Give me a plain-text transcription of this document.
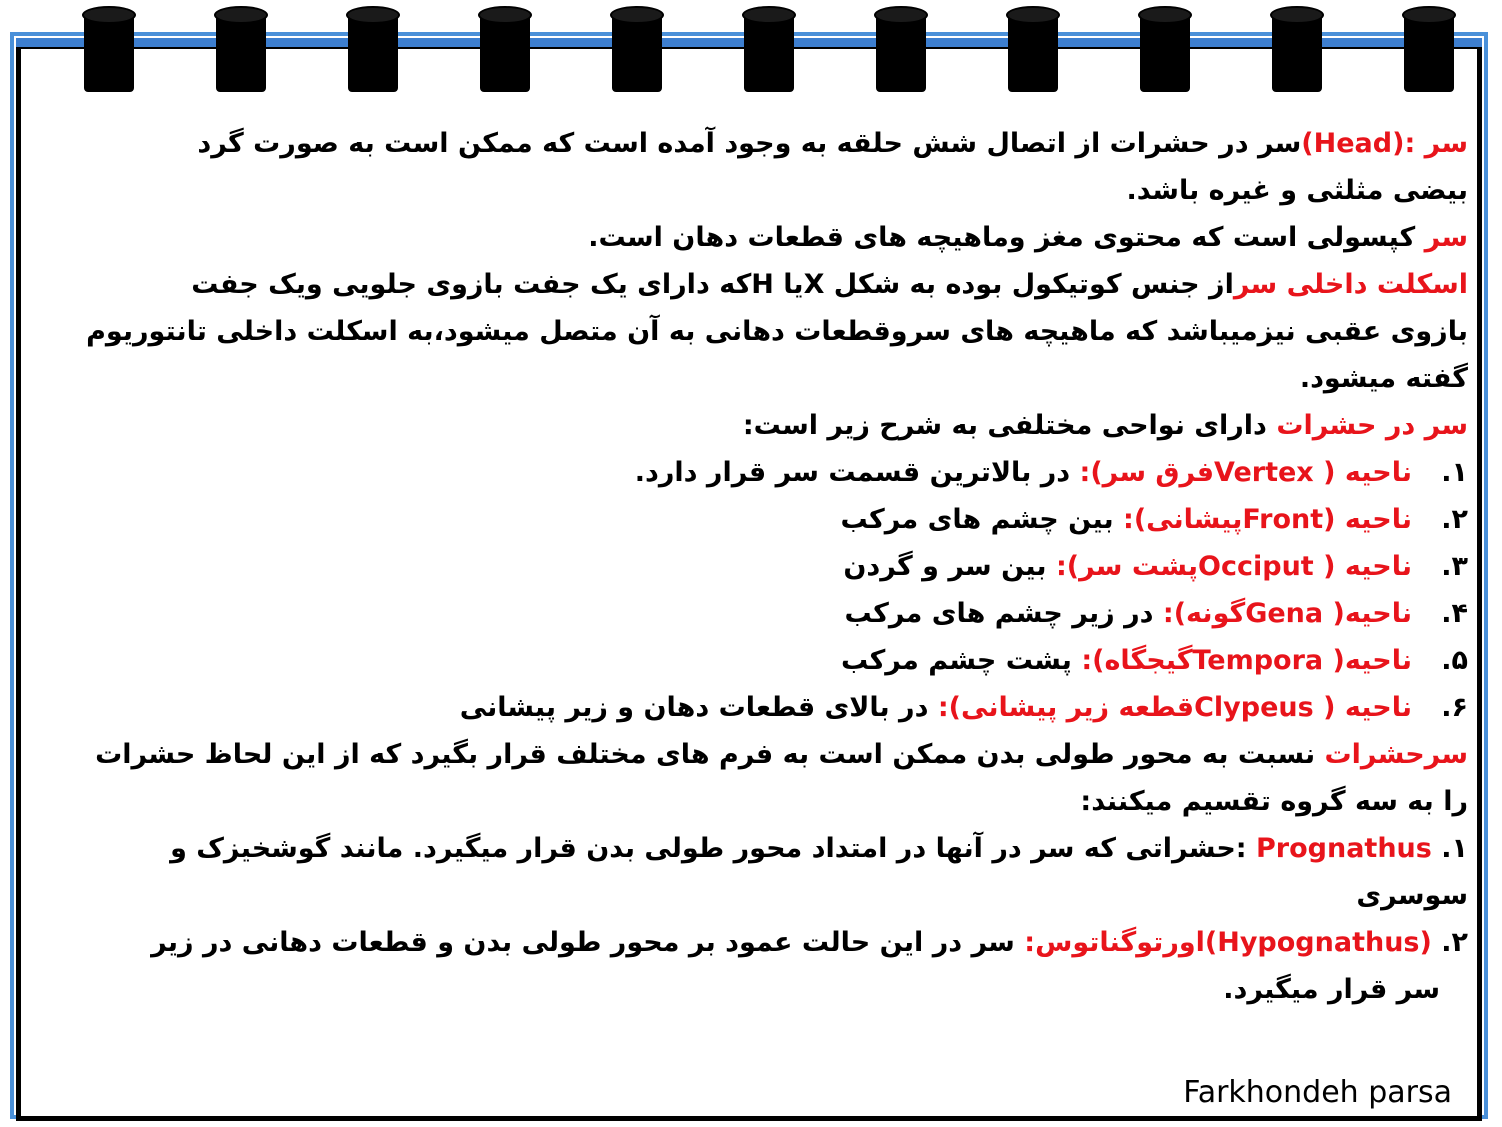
سر :(Head)سر در حشرات از اتصال شش حلقه به وجود آمده است که ممکن است به صورت گرد
بیضی مثلثی و غیره باشد.
سر کپسولی است که محتوی مغز وماهیچه های قطعات دهان است.
اسکلت داخلی سراز جنس کوتیکول بوده به شکل Xیا Hکه دارای یک جفت بازوی جلویی ویک جفت
بازوی عقبی نیزمیباشد که ماهیچه های سروقطعات دهانی به آن متصل میشود،به اسکلت داخلی تانتوریوم
گفته میشود.
سر در حشرات دارای نواحی مختلفی به شرح زیر است:
۱.ناحیه ( Vertexفرق سر): در بالاترین قسمت سر قرار دارد.
۲.ناحیه (Frontپیشانی): بین چشم های مرکب
۳.ناحیه ( Occiputپشت سر): بین سر و گردن
۴.ناحیه( Genaگونه): در زیر چشم های مرکب
۵.ناحیه( Temporaگیجگاه): پشت چشم مرکب
۶.ناحیه ( Clypeusقطعه زیر پیشانی): در بالای قطعات دهان و زیر پیشانی
سرحشرات نسبت به محور طولی بدن ممکن است به فرم های مختلف قرار بگیرد که از این لحاظ حشرات
را به سه گروه تقسیم میکنند:
۱. Prognathus :حشراتی که سر در آنها در امتداد محور طولی بدن قرار میگیرد. مانند گوشخیزک و
سوسری
۲. (Hypognathus)اورتوگناتوس: سر در این حالت عمود بر محور طولی بدن و قطعات دهانی در زیر
سر قرار میگیرد.
Farkhondeh parsa
